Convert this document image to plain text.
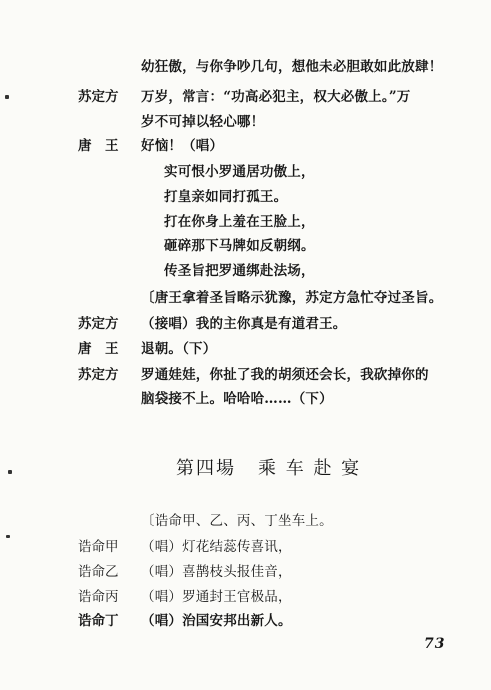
幼狂傲，与你争吵几句，想他未必胆敢如此放肆！
苏定方 万岁，常言：“功高必犯主，权大必傲上。”万
岁不可掉以轻心哪！
唐　王 好恼！（唱）
实可恨小罗通居功傲上，
打皇亲如同打孤王。
打在你身上羞在王脸上，
砸碎那下马牌如反朝纲。
传圣旨把罗通绑赴法场，
〔唐王拿着圣旨略示犹豫，苏定方急忙夺过圣旨。
苏定方 （接唱）我的主你真是有道君王。
唐　王 退朝。（下）
苏定方 罗通娃娃，你扯了我的胡须还会长，我砍掉你的
脑袋接不上。哈哈哈……（下）
第四場 乘 车 赴 宴
〔诰命甲、乙、丙、丁坐车上。
诰命甲 （唱）灯花结蕊传喜讯，
诰命乙 （唱）喜鹊枝头报佳音，
诰命丙 （唱）罗通封王官极品，
诰命丁 （唱）治国安邦出新人。
73
